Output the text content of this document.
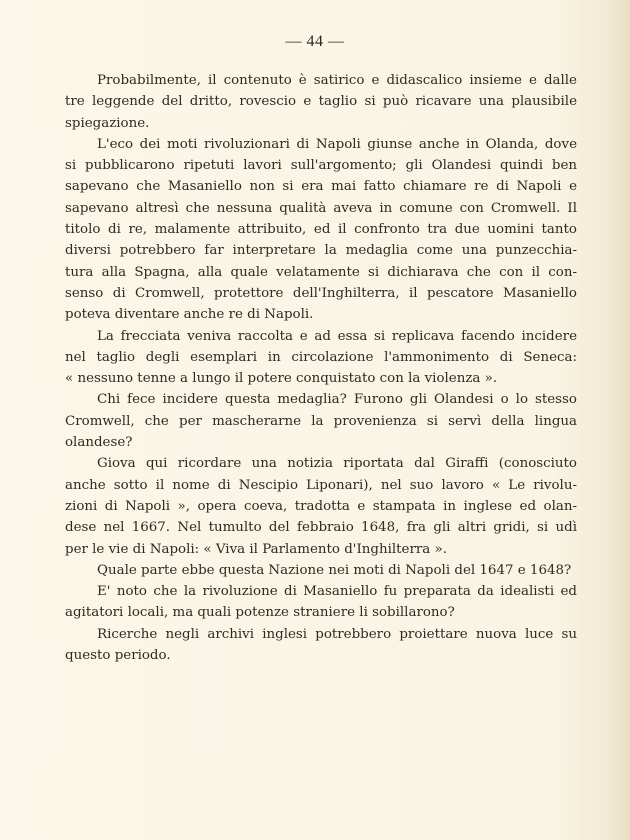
— 44 —
Probabilmente, il contenuto è satirico e didascalico insieme e dalle
tre leggende del dritto, rovescio e taglio si può ricavare una plausibile
spiegazione.
L'eco dei moti rivoluzionari di Napoli giunse anche in Olanda, dove
si pubblicarono ripetuti lavori sull'argomento; gli Olandesi quindi ben
sapevano che Masaniello non si era mai fatto chiamare re di Napoli e
sapevano altresì che nessuna qualità aveva in comune con Cromwell. Il
titolo di re, malamente attribuito, ed il confronto tra due uomini tanto
diversi potrebbero far interpretare la medaglia come una punzecchia-
tura alla Spagna, alla quale velatamente si dichiarava che con il con-
senso di Cromwell, protettore dell'Inghilterra, il pescatore Masaniello
poteva diventare anche re di Napoli.
La frecciata veniva raccolta e ad essa si replicava facendo incidere
nel taglio degli esemplari in circolazione l'ammonimento di Seneca:
« nessuno tenne a lungo il potere conquistato con la violenza ».
Chi fece incidere questa medaglia? Furono gli Olandesi o lo stesso
Cromwell, che per mascherarne la provenienza si servì della lingua
olandese?
Giova qui ricordare una notizia riportata dal Giraffi (conosciuto
anche sotto il nome di Nescipio Liponari), nel suo lavoro « Le rivolu-
zioni di Napoli », opera coeva, tradotta e stampata in inglese ed olan-
dese nel 1667. Nel tumulto del febbraio 1648, fra gli altri gridi, si udì
per le vie di Napoli: « Viva il Parlamento d'Inghilterra ».
Quale parte ebbe questa Nazione nei moti di Napoli del 1647 e 1648?
E' noto che la rivoluzione di Masaniello fu preparata da idealisti ed
agitatori locali, ma quali potenze straniere li sobillarono?
Ricerche negli archivi inglesi potrebbero proiettare nuova luce su
questo periodo.
